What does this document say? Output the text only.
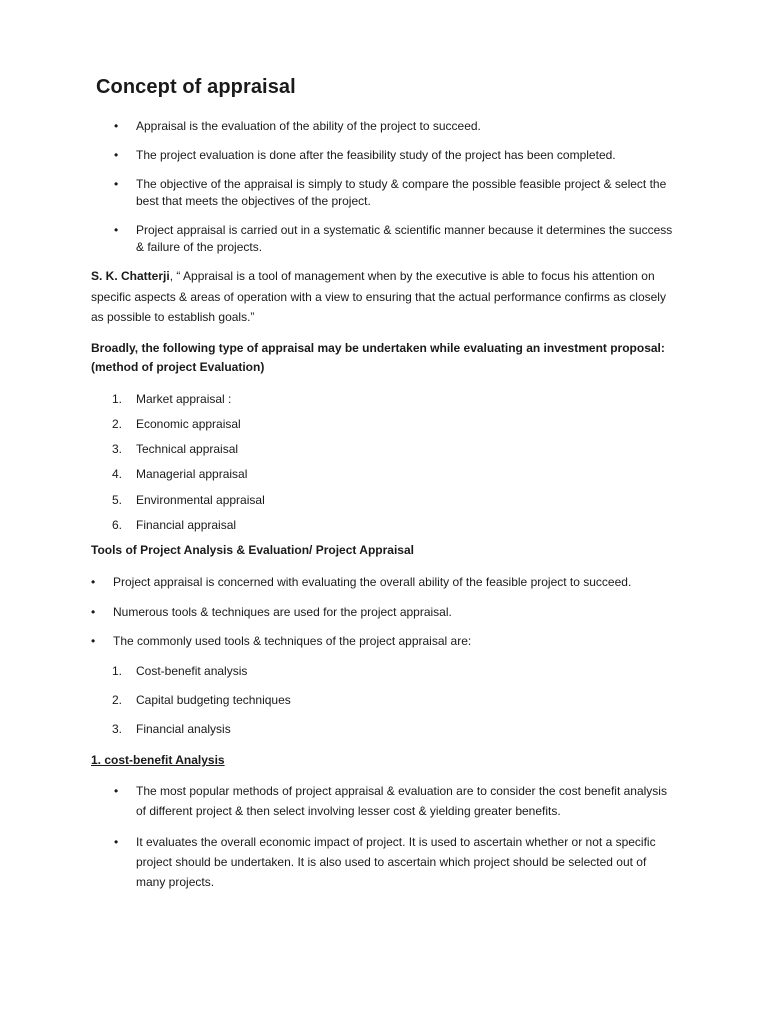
Concept of appraisal
• Appraisal is the evaluation of the ability of the project to succeed.

• The project evaluation is done after the feasibility study of the project has been completed.

• The objective of the appraisal is simply to study & compare the possible feasible project & select the

best that meets the objectives of the project.

• Project appraisal is carried out in a systematic & scientific manner because it determines the success

& failure of the projects.

S. K. Chatterji, “ Appraisal is a tool of management when by the executive is able to focus his attention on

specific aspects & areas of operation with a view to ensuring that the actual performance confirms as closely

as possible to establish goals.”

Broadly, the following type of appraisal may be undertaken while evaluating an investment proposal:

(method of project Evaluation)

1. Market appraisal :

2. Economic appraisal

3. Technical appraisal

4. Managerial appraisal

5. Environmental appraisal

6. Financial appraisal

Tools of Project Analysis & Evaluation/ Project Appraisal

• Project appraisal is concerned with evaluating the overall ability of the feasible project to succeed.

• Numerous tools & techniques are used for the project appraisal.

• The commonly used tools & techniques of the project appraisal are:

1. Cost-benefit analysis

2. Capital budgeting techniques

3. Financial analysis

1. cost-benefit Analysis

• The most popular methods of project appraisal & evaluation are to consider the cost benefit analysis

of different project & then select involving lesser cost & yielding greater benefits.

• It evaluates the overall economic impact of project. It is used to ascertain whether or not a specific

project should be undertaken. It is also used to ascertain which project should be selected out of

many projects.
